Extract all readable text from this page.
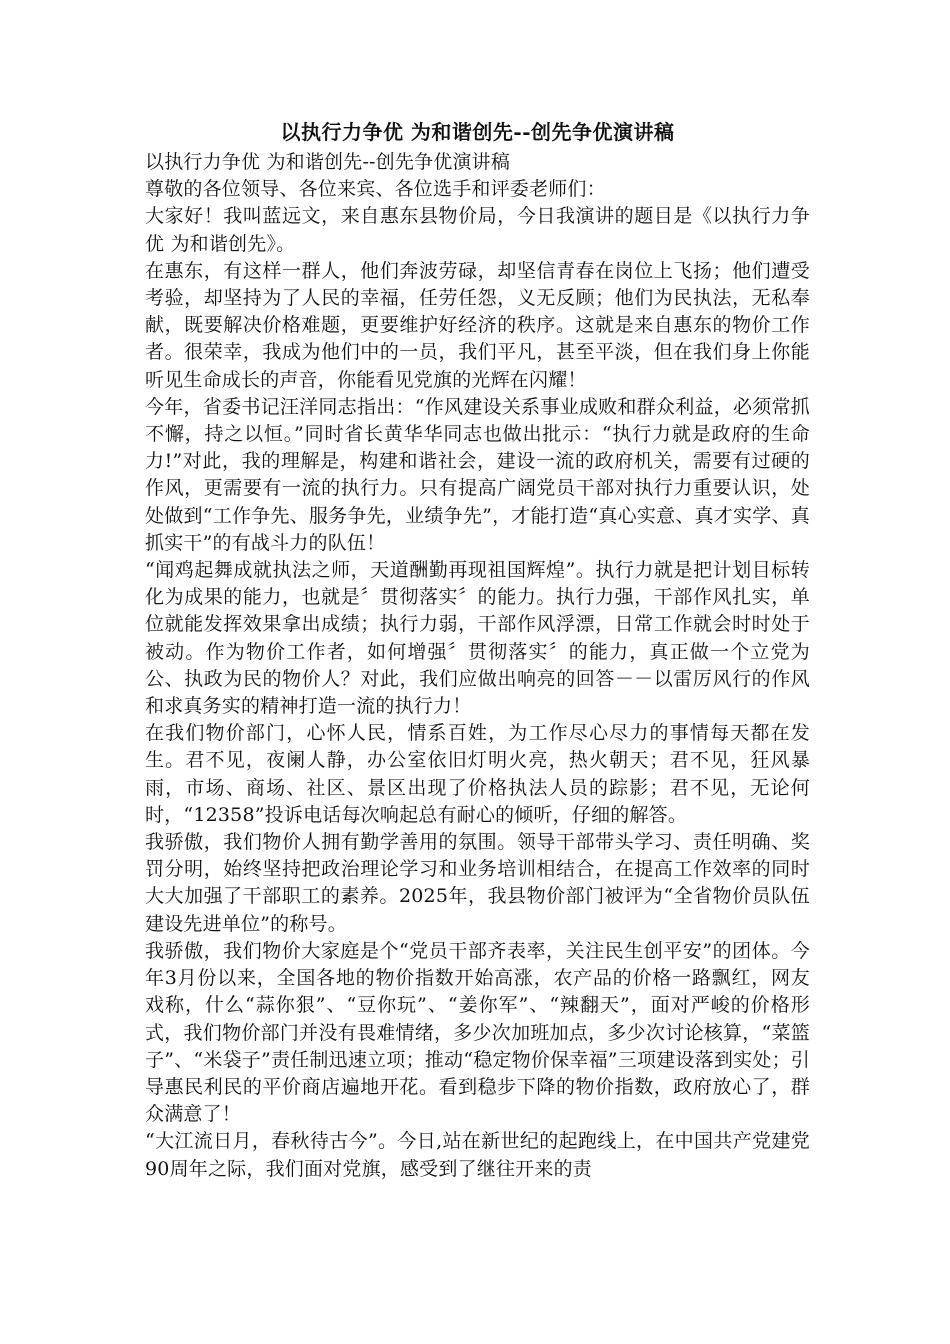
以执行力争优 为和谐创先--创先争优演讲稿

以执行力争优 为和谐创先--创先争优演讲稿

尊敬的各位领导、各位来宾、各位选手和评委老师们：

大家好！我叫蓝远文，来自惠东县物价局，今日我演讲的题目是《以执行力争优 为和谐创先》。

在惠东，有这样一群人，他们奔波劳碌，却坚信青春在岗位上飞扬；他们遭受考验，却坚持为了人民的幸福，任劳任怨，义无反顾；他们为民执法，无私奉献，既要解决价格难题，更要维护好经济的秩序。这就是来自惠东的物价工作者。很荣幸，我成为他们中的一员，我们平凡，甚至平淡，但在我们身上你能听见生命成长的声音，你能看见党旗的光辉在闪耀！

今年，省委书记汪洋同志指出：“作风建设关系事业成败和群众利益，必须常抓不懈，持之以恒。”同时省长黄华华同志也做出批示：“执行力就是政府的生命力!”对此，我的理解是，构建和谐社会，建设一流的政府机关，需要有过硬的作风，更需要有一流的执行力。只有提高广阔党员干部对执行力重要认识，处处做到“工作争先、服务争先，业绩争先”，才能打造“真心实意、真才实学、真抓实干”的有战斗力的队伍！

“闻鸡起舞成就执法之师，天道酬勤再现祖国辉煌”。执行力就是把计划目标转化为成果的能力，也就是〞贯彻落实〞的能力。执行力强，干部作风扎实，单位就能发挥效果拿出成绩；执行力弱，干部作风浮漂，日常工作就会时时处于被动。作为物价工作者，如何增强〞贯彻落实〞的能力，真正做一个立党为公、执政为民的物价人？对此，我们应做出响亮的回答－－以雷厉风行的作风和求真务实的精神打造一流的执行力！

在我们物价部门，心怀人民，情系百姓，为工作尽心尽力的事情每天都在发生。君不见，夜阑人静，办公室依旧灯明火亮，热火朝天；君不见，狂风暴雨，市场、商场、社区、景区出现了价格执法人员的踪影；君不见，无论何时，“12358”投诉电话每次响起总有耐心的倾听，仔细的解答。

我骄傲，我们物价人拥有勤学善用的氛围。领导干部带头学习、责任明确、奖罚分明，始终坚持把政治理论学习和业务培训相结合，在提高工作效率的同时大大加强了干部职工的素养。2025年，我县物价部门被评为“全省物价员队伍建设先进单位”的称号。

我骄傲，我们物价大家庭是个“党员干部齐表率，关注民生创平安”的团体。今年3月份以来，全国各地的物价指数开始高涨，农产品的价格一路飘红，网友戏称，什么“蒜你狠”、“豆你玩”、“姜你军”、“辣翻天”，面对严峻的价格形式，我们物价部门并没有畏难情绪，多少次加班加点，多少次讨论核算，“菜篮子”、“米袋子”责任制迅速立项；推动“稳定物价保幸福”三项建设落到实处；引导惠民利民的平价商店遍地开花。看到稳步下降的物价指数，政府放心了，群众满意了！

“大江流日月，春秋待古今”。今日,站在新世纪的起跑线上，在中国共产党建党90周年之际，我们面对党旗，感受到了继往开来的责
